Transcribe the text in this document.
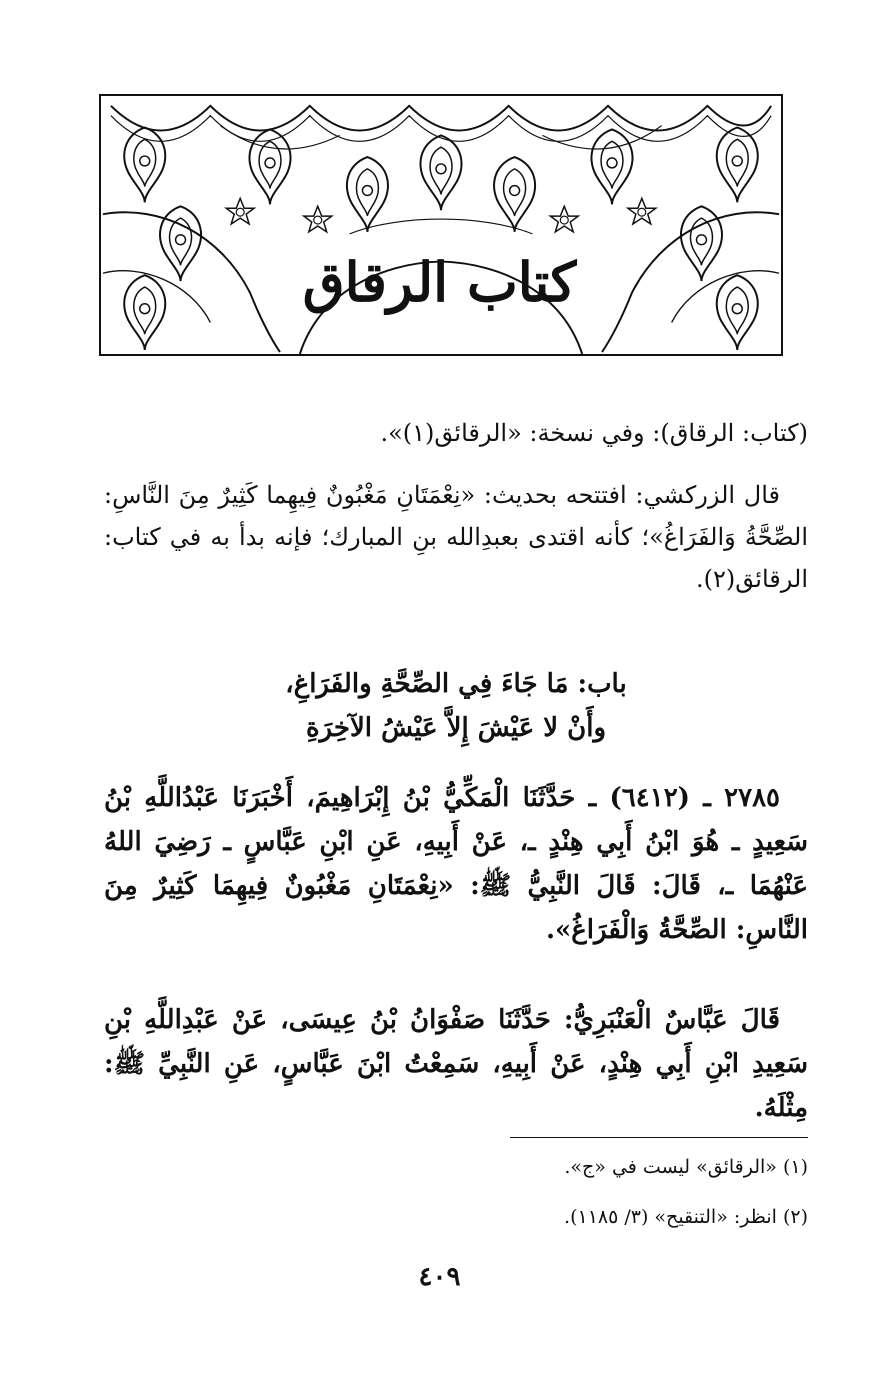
كتاب الرقاق
(كتاب: الرقاق): وفي نسخة: «الرقائق(١)».
قال الزركشي: افتتحه بحديث: «نِعْمَتَانِ مَغْبُونٌ فِيهِما كَثِيرٌ مِنَ النَّاسِ: الصِّحَّةُ وَالفَرَاغُ»؛ كأنه اقتدى بعبدِالله بنِ المبارك؛ فإنه بدأ به في كتاب: الرقائق(٢).
باب: مَا جَاءَ فِي الصِّحَّةِ والفَرَاغِ،
وأَنْ لا عَيْشَ إِلاَّ عَيْشُ الآخِرَةِ
٢٧٨٥ ـ (٦٤١٢) ـ حَدَّثَنَا الْمَكِّيُّ بْنُ إِبْرَاهِيمَ، أَخْبَرَنَا عَبْدُاللَّهِ بْنُ سَعِيدٍ ـ هُوَ ابْنُ أَبِي هِنْدٍ ـ، عَنْ أَبِيهِ، عَنِ ابْنِ عَبَّاسٍ ـ رَضِيَ اللهُ عَنْهُمَا ـ، قَالَ: قَالَ النَّبِيُّ ﷺ: «نِعْمَتَانِ مَغْبُونٌ فِيهِمَا كَثِيرٌ مِنَ النَّاسِ: الصِّحَّةُ وَالْفَرَاغُ».
قَالَ عَبَّاسٌ الْعَنْبَرِيُّ: حَدَّثَنَا صَفْوَانُ بْنُ عِيسَى، عَنْ عَبْدِاللَّهِ بْنِ سَعِيدِ ابْنِ أَبِي هِنْدٍ، عَنْ أَبِيهِ، سَمِعْتُ ابْنَ عَبَّاسٍ، عَنِ النَّبِيِّ ﷺ: مِثْلَهُ.
(١) «الرقائق» ليست في «ج».
(٢) انظر: «التنقيح» (٣/ ١١٨٥).
٤٠٩
